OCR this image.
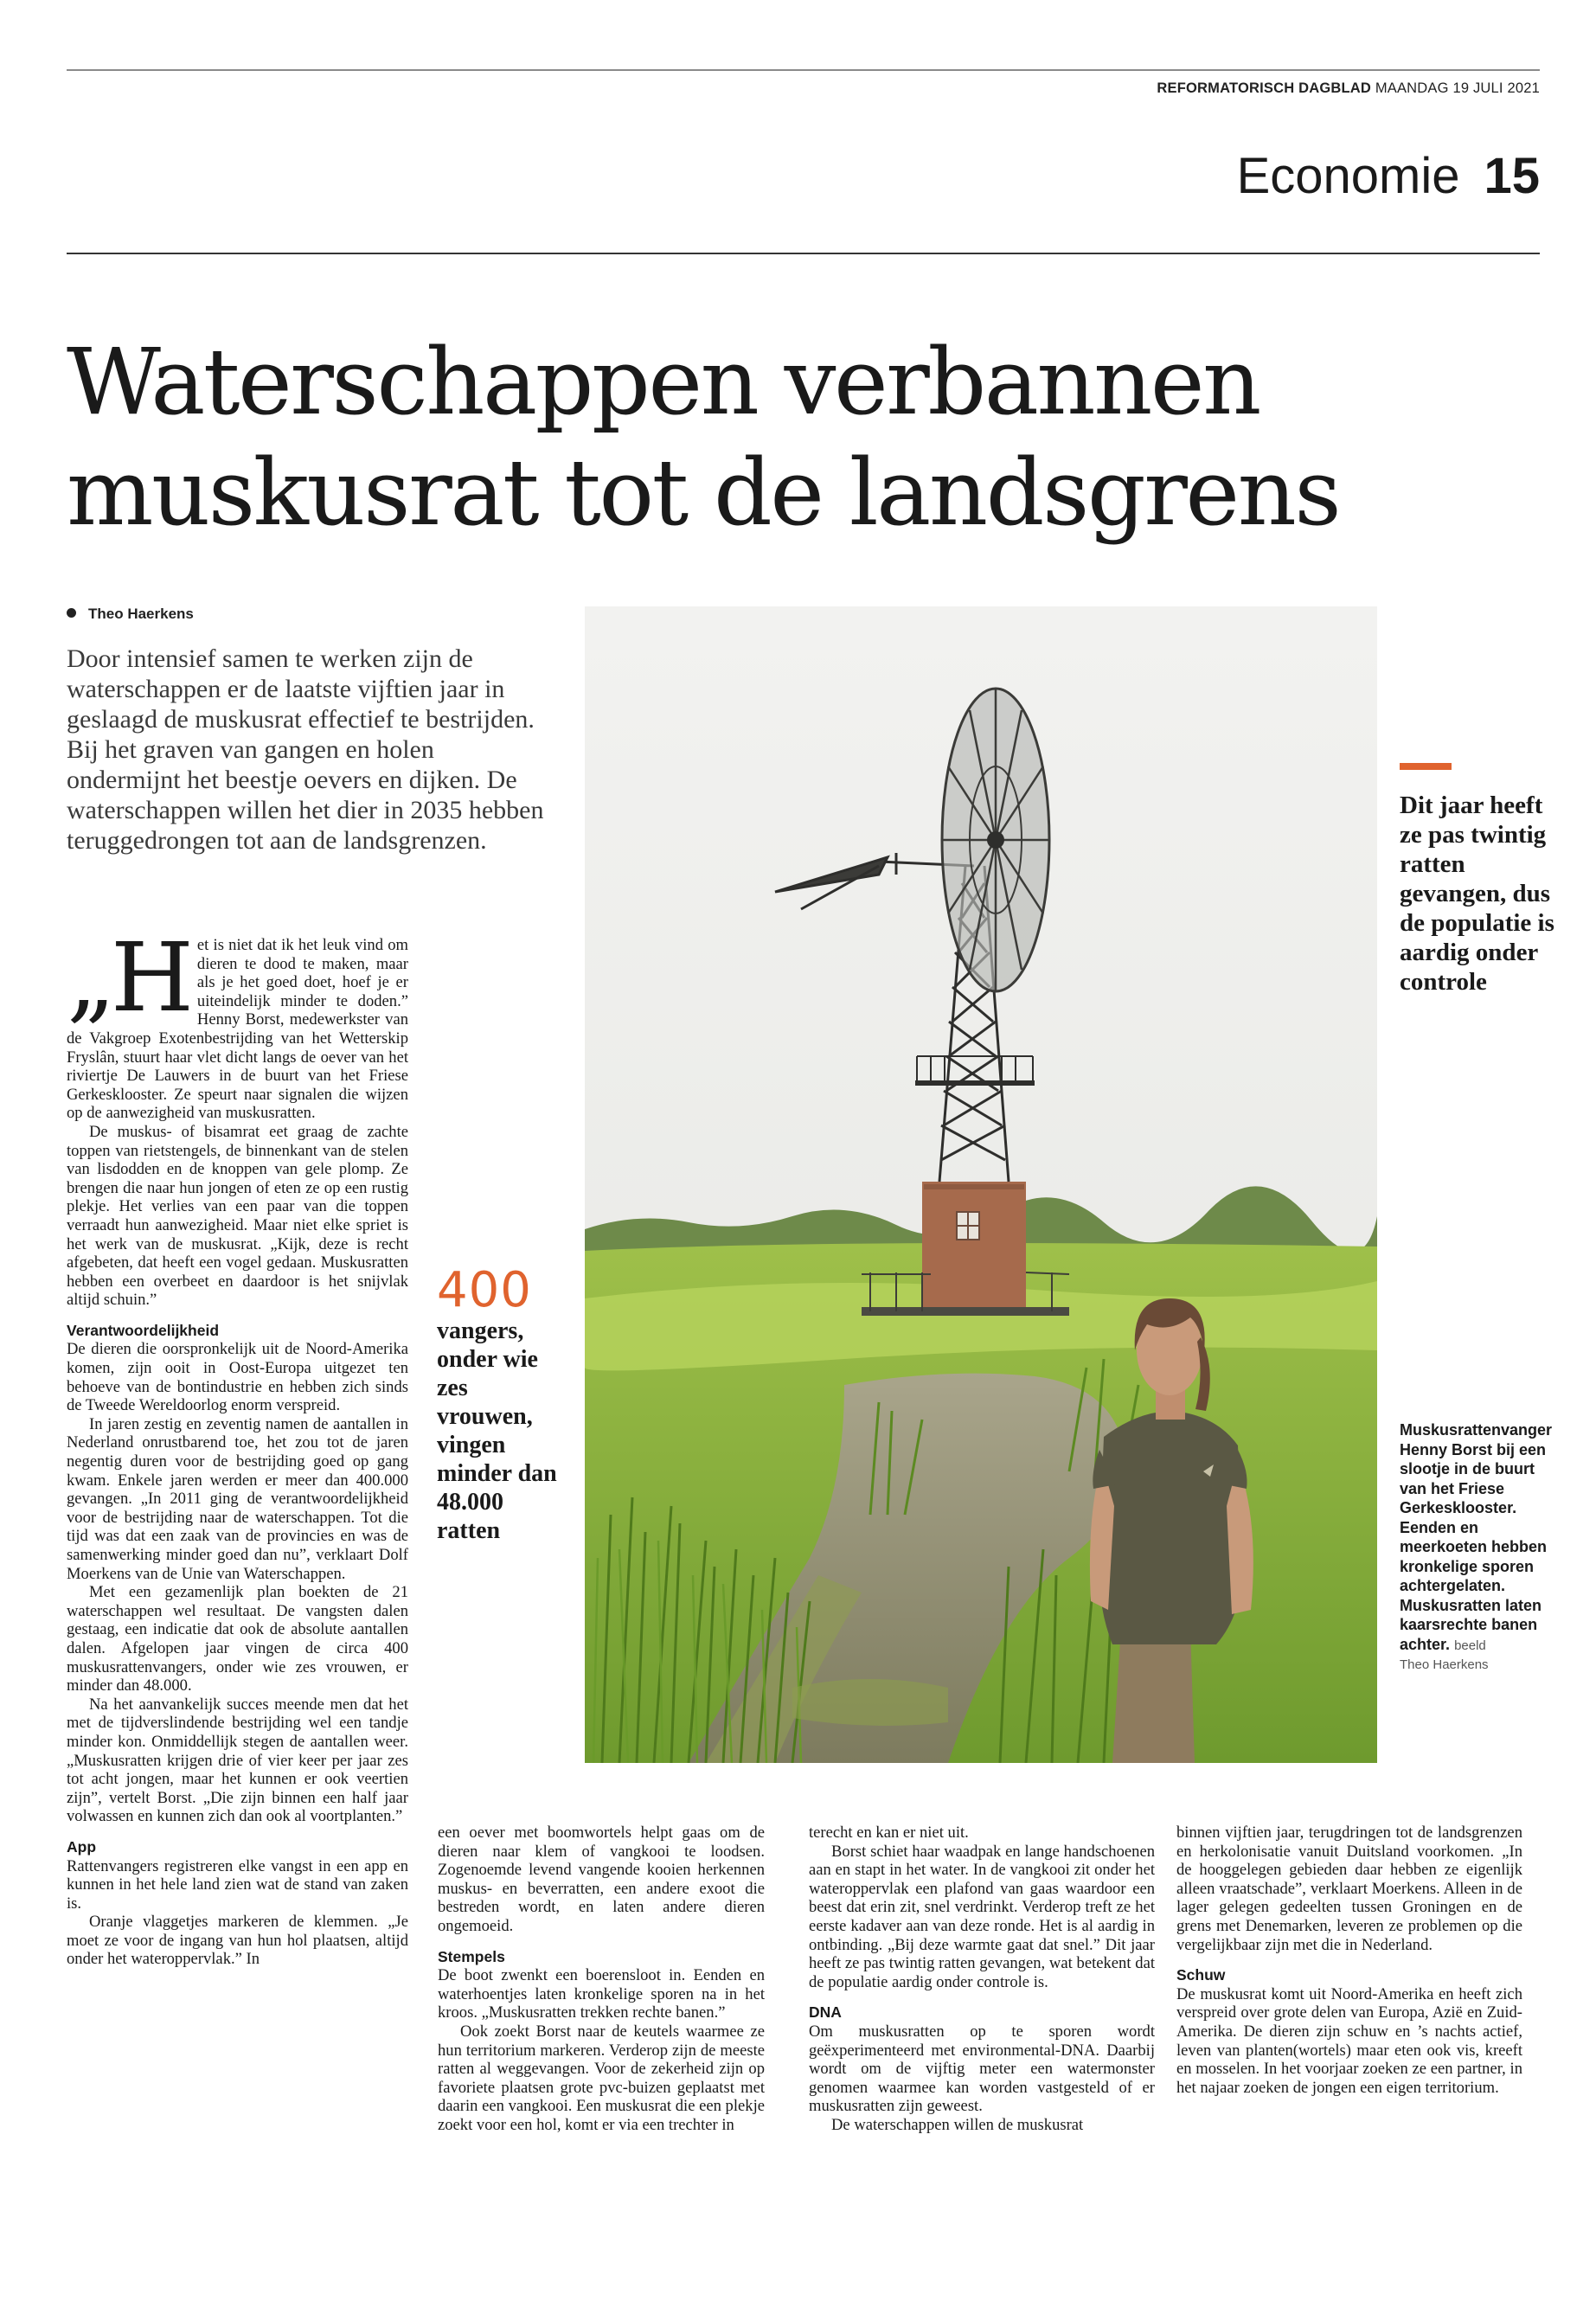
REFORMATORISCH DAGBLAD MAANDAG 19 JULI 2021
Economie 15
Waterschappen verbannen
muskusrat tot de landsgrens
Theo Haerkens
Door intensief samen te werken zijn de waterschappen er de laatste vijftien jaar in geslaagd de muskusrat effectief te bestrijden. Bij het graven van gangen en holen ondermijnt het beestje oevers en dijken. De waterschappen willen het dier in 2035 hebben teruggedrongen tot aan de landsgrenzen.

„Het is niet dat ik het leuk vind om dieren te dood te maken, maar als je het goed doet, hoef je er uiteindelijk minder te doden.” Henny Borst, medewerkster van de Vakgroep Exotenbestrijding van het Wetterskip Fryslân, stuurt haar vlet dicht langs de oever van het riviertje De Lauwers in de buurt van het Friese Gerkesklooster. Ze speurt naar signalen die wijzen op de aanwezigheid van muskusratten.

De muskus- of bisamrat eet graag de zachte toppen van rietstengels, de binnenkant van de stelen van lisdodden en de knoppen van gele plomp. Ze brengen die naar hun jongen of eten ze op een rustig plekje. Het verlies van een paar van die toppen verraadt hun aanwezigheid. Maar niet elke spriet is het werk van de muskusrat. „Kijk, deze is recht afgebeten, dat heeft een vogel gedaan. Muskusratten hebben een overbeet en daardoor is het snijvlak altijd schuin.”

Verantwoordelijkheid

De dieren die oorspronkelijk uit de Noord-Amerika komen, zijn ooit in Oost-Europa uitgezet ten behoeve van de bontindustrie en hebben zich sinds de Tweede Wereldoorlog enorm verspreid.

In jaren zestig en zeventig namen de aantallen in Nederland onrustbarend toe, het zou tot de jaren negentig duren voor de bestrijding goed op gang kwam. Enkele jaren werden er meer dan 400.000 gevangen. „In 2011 ging de verantwoordelijkheid voor de bestrijding naar de waterschappen. Tot die tijd was dat een zaak van de provincies en was de samenwerking minder goed dan nu”, verklaart Dolf Moerkens van de Unie van Waterschappen.

Met een gezamenlijk plan boekten de 21 waterschappen wel resultaat. De vangsten dalen gestaag, een indicatie dat ook de absolute aantallen dalen. Afgelopen jaar vingen de circa 400 muskusrattenvangers, onder wie zes vrouwen, er minder dan 48.000.

Na het aanvankelijk succes meende men dat het met de tijdverslindende bestrijding wel een tandje minder kon. Onmiddellijk stegen de aantallen weer. „Muskusratten krijgen drie of vier keer per jaar zes tot acht jongen, maar het kunnen er ook veertien zijn”, vertelt Borst. „Die zijn binnen een half jaar volwassen en kunnen zich dan ook al voortplanten.”

App

Rattenvangers registreren elke vangst in een app en kunnen in het hele land zien wat de stand van zaken is.

Oranje vlaggetjes markeren de klemmen. „Je moet ze voor de ingang van hun hol plaatsen, altijd onder het wateroppervlak.” In

400
vangers, onder wie zes vrouwen, vingen minder dan 48.000 ratten
Dit jaar heeft ze pas twintig ratten gevangen, dus de populatie is aardig onder controle
Muskusrattenvanger Henny Borst bij een slootje in de buurt van het Friese Gerkesklooster. Eenden en meerkoeten hebben kronkelige sporen achtergelaten. Muskusratten laten kaarsrechte banen achter. beeld
Theo Haerkens

een oever met boomwortels helpt gaas om de dieren naar klem of vangkooi te loodsen. Zogenoemde levend vangende kooien herkennen muskus- en beverratten, een andere exoot die bestreden wordt, en laten andere dieren ongemoeid.

Stempels

De boot zwenkt een boerensloot in. Eenden en waterhoentjes laten kronkelige sporen na in het kroos. „Muskusratten trekken rechte banen.”

Ook zoekt Borst naar de keutels waarmee ze hun territorium markeren. Verderop zijn de meeste ratten al weggevangen. Voor de zekerheid zijn op favoriete plaatsen grote pvc-buizen geplaatst met daarin een vangkooi. Een muskusrat die een plekje zoekt voor een hol, komt er via een trechter in

terecht en kan er niet uit.

Borst schiet haar waadpak en lange handschoenen aan en stapt in het water. In de vangkooi zit onder het wateroppervlak een plafond van gaas waardoor een beest dat erin zit, snel verdrinkt. Verderop treft ze het eerste kadaver aan van deze ronde. Het is al aardig in ontbinding. „Bij deze warmte gaat dat snel.” Dit jaar heeft ze pas twintig ratten gevangen, wat betekent dat de populatie aardig onder controle is.

DNA

Om muskusratten op te sporen wordt geëxperimenteerd met environmental-DNA. Daarbij wordt om de vijftig meter een watermonster genomen waarmee kan worden vastgesteld of er muskusratten zijn geweest.

De waterschappen willen de muskusrat

binnen vijftien jaar, terugdringen tot de landsgrenzen en herkolonisatie vanuit Duitsland voorkomen. „In de hooggelegen gebieden daar hebben ze eigenlijk alleen vraatschade”, verklaart Moerkens. Alleen in de lager gelegen gedeelten tussen Groningen en de grens met Denemarken, leveren ze problemen op die vergelijkbaar zijn met die in Nederland.

Schuw

De muskusrat komt uit Noord-Amerika en heeft zich verspreid over grote delen van Europa, Azië en Zuid-Amerika. De dieren zijn schuw en ’s nachts actief, leven van planten(wortels) maar eten ook vis, kreeft en mosselen. In het voorjaar zoeken ze een partner, in het najaar zoeken de jongen een eigen territorium.
